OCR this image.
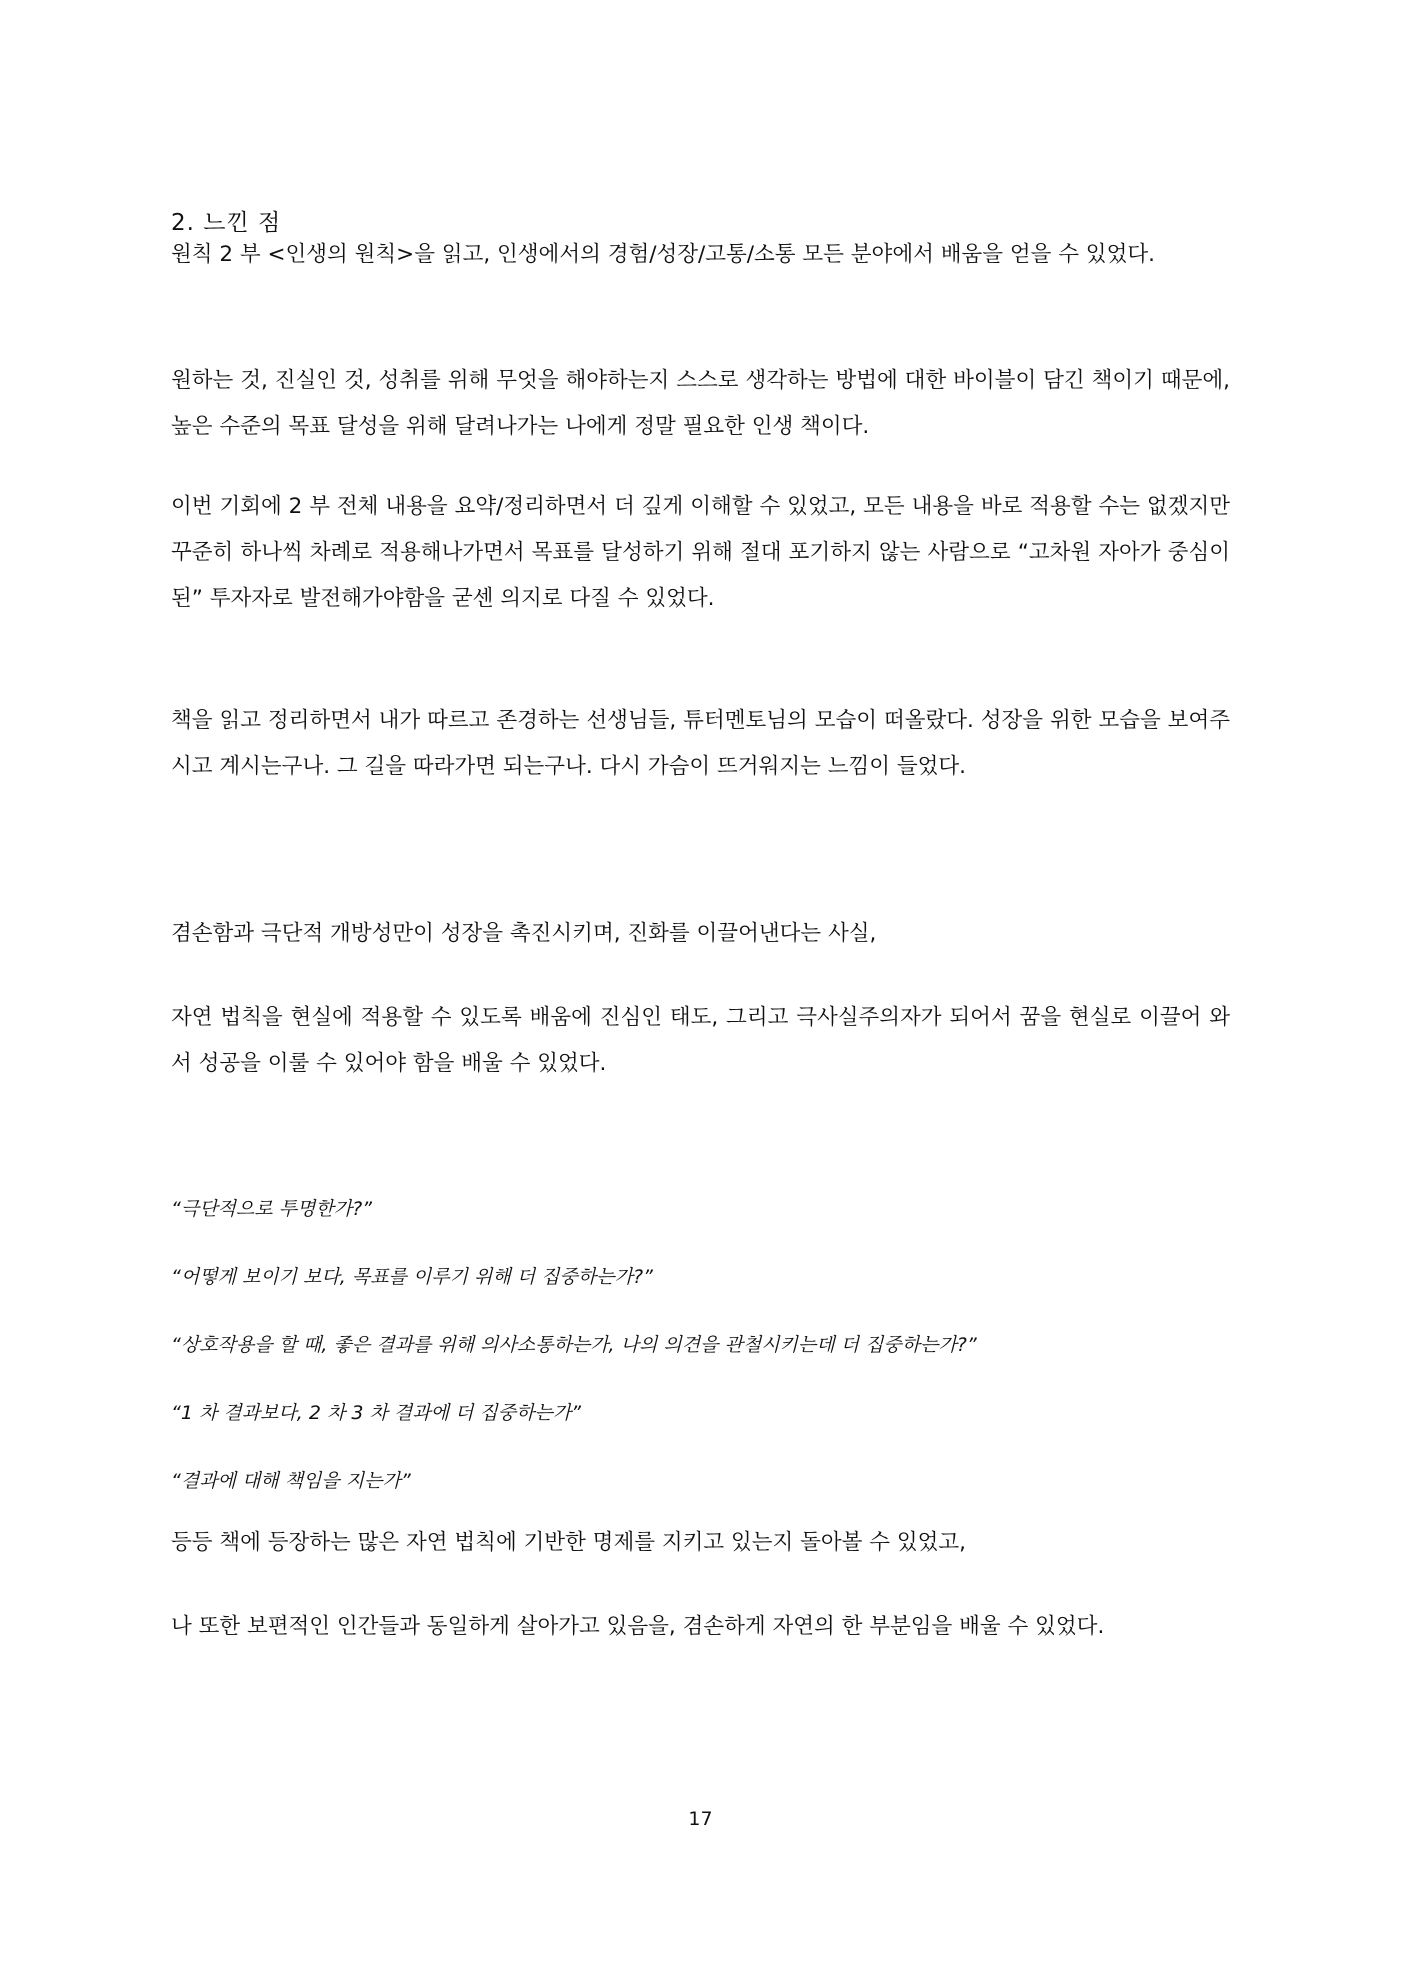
2. 느낀 점

원칙 2 부 <인생의 원칙>을 읽고, 인생에서의 경험/성장/고통/소통 모든 분야에서 배움을 얻을 수 있었다.

원하는 것, 진실인 것, 성취를 위해 무엇을 해야하는지 스스로 생각하는 방법에 대한 바이블이 담긴 책이기 때문에, 높은 수준의 목표 달성을 위해 달려나가는 나에게 정말 필요한 인생 책이다.

이번 기회에 2 부 전체 내용을 요약/정리하면서 더 깊게 이해할 수 있었고, 모든 내용을 바로 적용할 수는 없겠지만 꾸준히 하나씩 차례로 적용해나가면서 목표를 달성하기 위해 절대 포기하지 않는 사람으로 “고차원 자아가 중심이 된” 투자자로 발전해가야함을 굳센 의지로 다질 수 있었다.

책을 읽고 정리하면서 내가 따르고 존경하는 선생님들, 튜터멘토님의 모습이 떠올랐다. 성장을 위한 모습을 보여주시고 계시는구나. 그 길을 따라가면 되는구나. 다시 가슴이 뜨거워지는 느낌이 들었다.

겸손함과 극단적 개방성만이 성장을 촉진시키며, 진화를 이끌어낸다는 사실,

자연 법칙을 현실에 적용할 수 있도록 배움에 진심인 태도, 그리고 극사실주의자가 되어서 꿈을 현실로 이끌어 와서 성공을 이룰 수 있어야 함을 배울 수 있었다.

“극단적으로 투명한가?”

“어떻게 보이기 보다, 목표를 이루기 위해 더 집중하는가?”

“상호작용을 할 때, 좋은 결과를 위해 의사소통하는가, 나의 의견을 관철시키는데 더 집중하는가?”

“1 차 결과보다, 2 차 3 차 결과에 더 집중하는가”

“결과에 대해 책임을 지는가”

등등 책에 등장하는 많은 자연 법칙에 기반한 명제를 지키고 있는지 돌아볼 수 있었고,

나 또한 보편적인 인간들과 동일하게 살아가고 있음을, 겸손하게 자연의 한 부분임을 배울 수 있었다.

17
